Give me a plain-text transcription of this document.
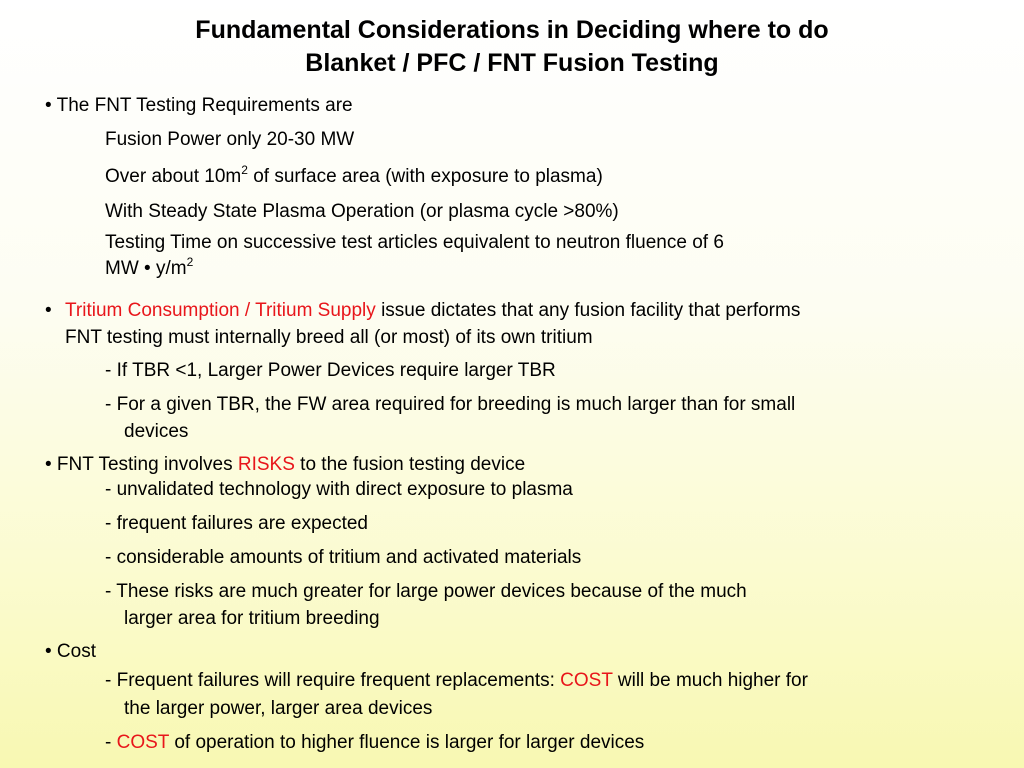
Fundamental Considerations in Deciding where to do
Blanket / PFC / FNT Fusion Testing
• The FNT Testing Requirements are
Fusion Power only 20-30 MW
Over about $10m^2$ of surface area (with exposure to plasma)
With Steady State Plasma Operation (or plasma cycle >80%)
Testing Time on successive test articles equivalent to neutron fluence of 6
MW • $y/m^2$
• Tritium Consumption / Tritium Supply issue dictates that any fusion facility that performs
FNT testing must internally breed all (or most) of its own tritium
- If TBR <1, Larger Power Devices require larger TBR
- For a given TBR, the FW area required for breeding is much larger than for small
devices
• FNT Testing involves RISKS to the fusion testing device
- unvalidated technology with direct exposure to plasma
- frequent failures are expected
- considerable amounts of tritium and activated materials
- These risks are much greater for large power devices because of the much
larger area for tritium breeding
• Cost
- Frequent failures will require frequent replacements: COST will be much higher for
the larger power, larger area devices
- COST of operation to higher fluence is larger for larger devices
